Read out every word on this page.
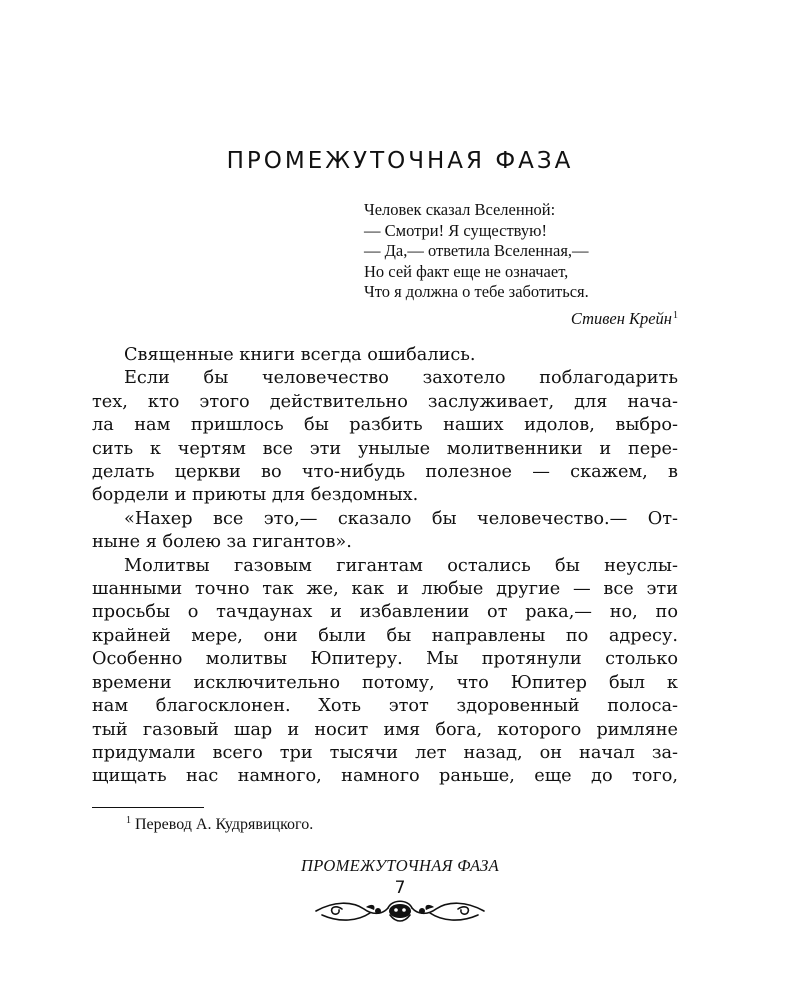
ПРОМЕЖУТОЧНАЯ ФАЗА
Человек сказал Вселенной:
— Смотри! Я существую!
— Да,— ответила Вселенная,—
Но сей факт еще не означает,
Что я должна о тебе заботиться.
Стивен Крейн$^1$
Священные книги всегда ошибались.
Если бы человечество захотело поблагодарить
тех, кто этого действительно заслуживает, для нача-
ла нам пришлось бы разбить наших идолов, выбро-
сить к чертям все эти унылые молитвенники и пере-
делать церкви во что-нибудь полезное — скажем, в
бордели и приюты для бездомных.
«Нахер все это,— сказало бы человечество.— От-
ныне я болею за гигантов».
Молитвы газовым гигантам остались бы неуслы-
шанными точно так же, как и любые другие — все эти
просьбы о тачдаунах и избавлении от рака,— но, по
крайней мере, они были бы направлены по адресу.
Особенно молитвы Юпитеру. Мы протянули столько
времени исключительно потому, что Юпитер был к
нам благосклонен. Хоть этот здоровенный полоса-
тый газовый шар и носит имя бога, которого римляне
придумали всего три тысячи лет назад, он начал за-
щищать нас намного, намного раньше, еще до того,
$^1$ Перевод А. Кудрявицкого.
ПРОМЕЖУТОЧНАЯ ФАЗА
7
